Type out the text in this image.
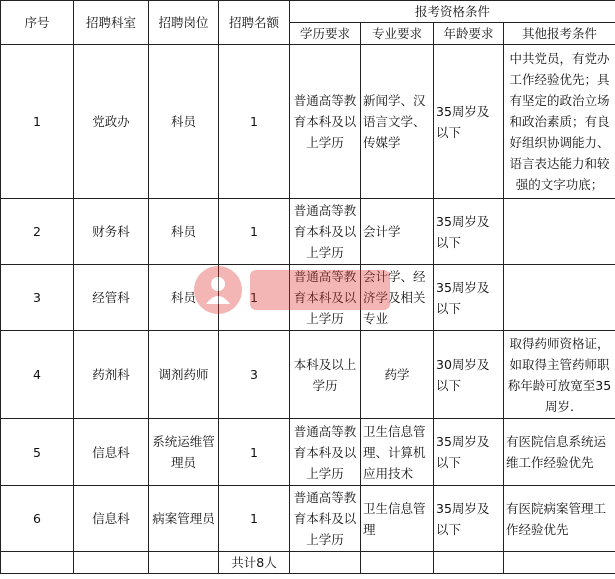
序号	招聘科室	招聘岗位	招聘名额	报考资格条件			
				学历要求	专业要求	年龄要求	其他报考条件
1	党政办	科员	1	普通高等教育本科及以上学历	新闻学、汉语言文学、传媒学	35周岁及以下	中共党员，有党办工作经验优先；具有坚定的政治立场和政治素质；有良好组织协调能力、语言表达能力和较强的文字功底；
2	财务科	科员	1	普通高等教育本科及以上学历	会计学	35周岁及以下	
3	经管科	科员	1	普通高等教育本科及以上学历	会计学、经济学及相关专业	35周岁及以下	
4	药剂科	调剂药师	3	本科及以上学历	药学	30周岁及以下	取得药师资格证，如取得主管药师职称年龄可放宽至35周岁.
5	信息科	系统运维管理员	1	普通高等教育本科及以上学历	卫生信息管理、计算机应用技术	35周岁及以下	有医院信息系统运维工作经验优先
6	信息科	病案管理员	1	普通高等教育本科及以上学历	卫生信息管理	35周岁及以下	有医院病案管理工作经验优先
			共计8人				
